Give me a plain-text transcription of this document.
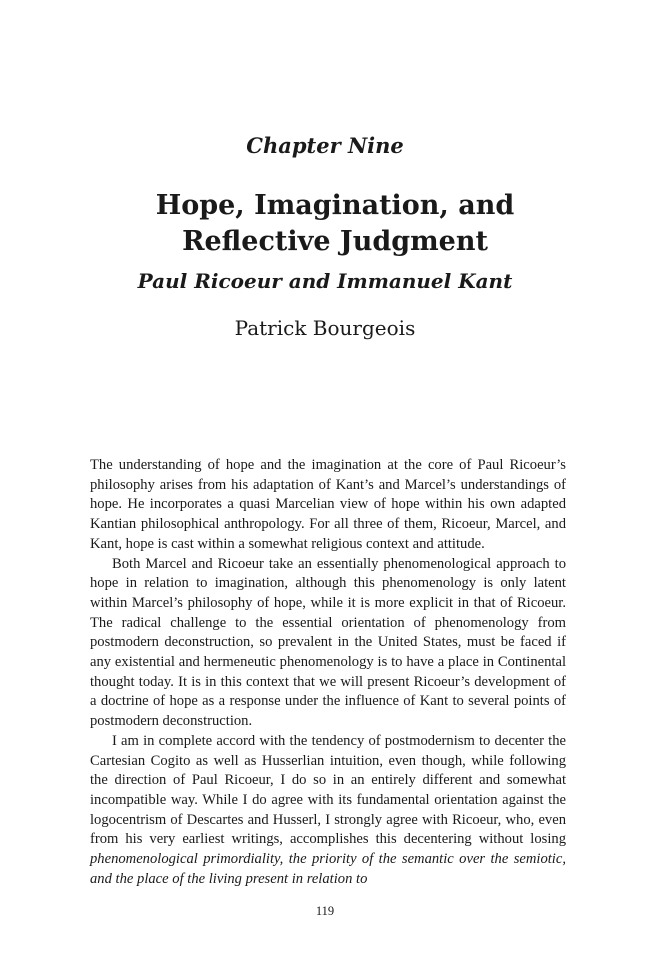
Chapter Nine
Hope, Imagination, and Reflective Judgment
Paul Ricoeur and Immanuel Kant
Patrick Bourgeois

The understanding of hope and the imagination at the core of Paul Ricoeur’s philosophy arises from his adaptation of Kant’s and Marcel’s understandings of hope. He incorporates a quasi Marcelian view of hope within his own adapted Kantian philosophical anthropology. For all three of them, Ricoeur, Marcel, and Kant, hope is cast within a somewhat religious context and attitude.

Both Marcel and Ricoeur take an essentially phenomenological approach to hope in relation to imagination, although this phenomenology is only latent within Marcel’s philosophy of hope, while it is more explicit in that of Ricoeur. The radical challenge to the essential orientation of phenomenology from postmodern deconstruction, so prevalent in the United States, must be faced if any existential and hermeneutic phenomenology is to have a place in Continental thought today. It is in this context that we will present Ricoeur’s development of a doctrine of hope as a response under the influence of Kant to several points of postmodern deconstruction.

I am in complete accord with the tendency of postmodernism to decenter the Cartesian Cogito as well as Husserlian intuition, even though, while following the direction of Paul Ricoeur, I do so in an entirely different and somewhat incompatible way. While I do agree with its fundamental orientation against the logocentrism of Descartes and Husserl, I strongly agree with Ricoeur, who, even from his very earliest writings, accomplishes this decentering without losing phenomenological primordiality, the priority of the semantic over the semiotic, and the place of the living present in relation to

119
